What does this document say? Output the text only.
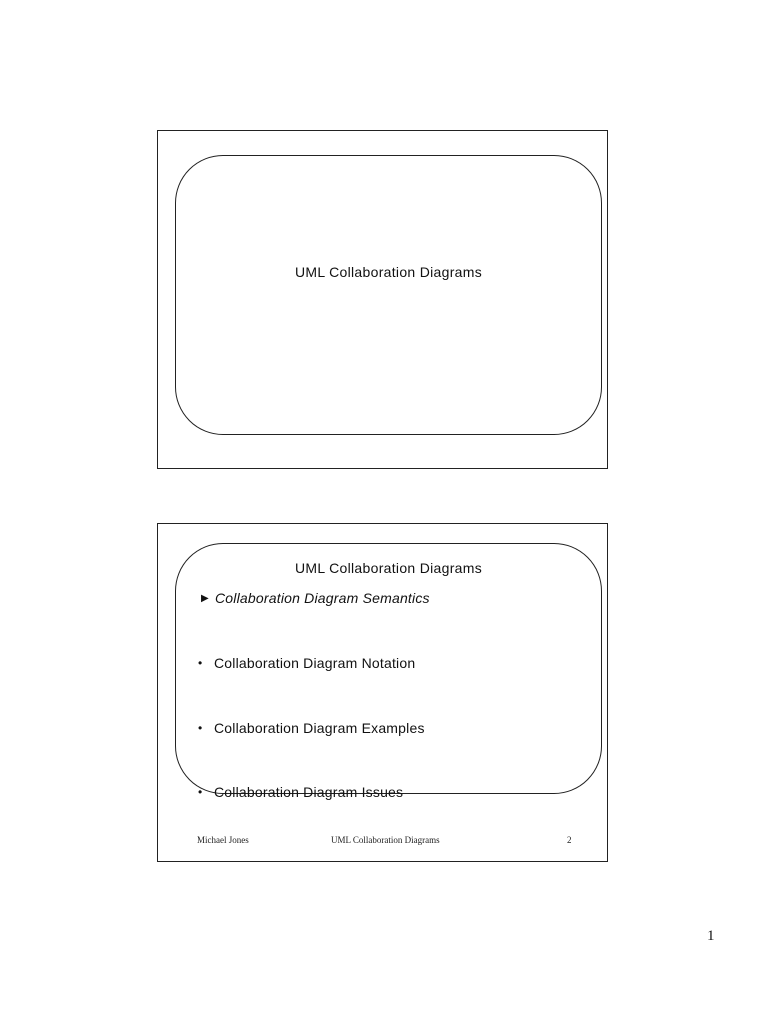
UML Collaboration Diagrams
UML Collaboration Diagrams
▶ Collaboration Diagram Semantics
• Collaboration Diagram Notation
• Collaboration Diagram Examples
• Collaboration Diagram Issues
Michael Jones	UML Collaboration Diagrams	2
1
